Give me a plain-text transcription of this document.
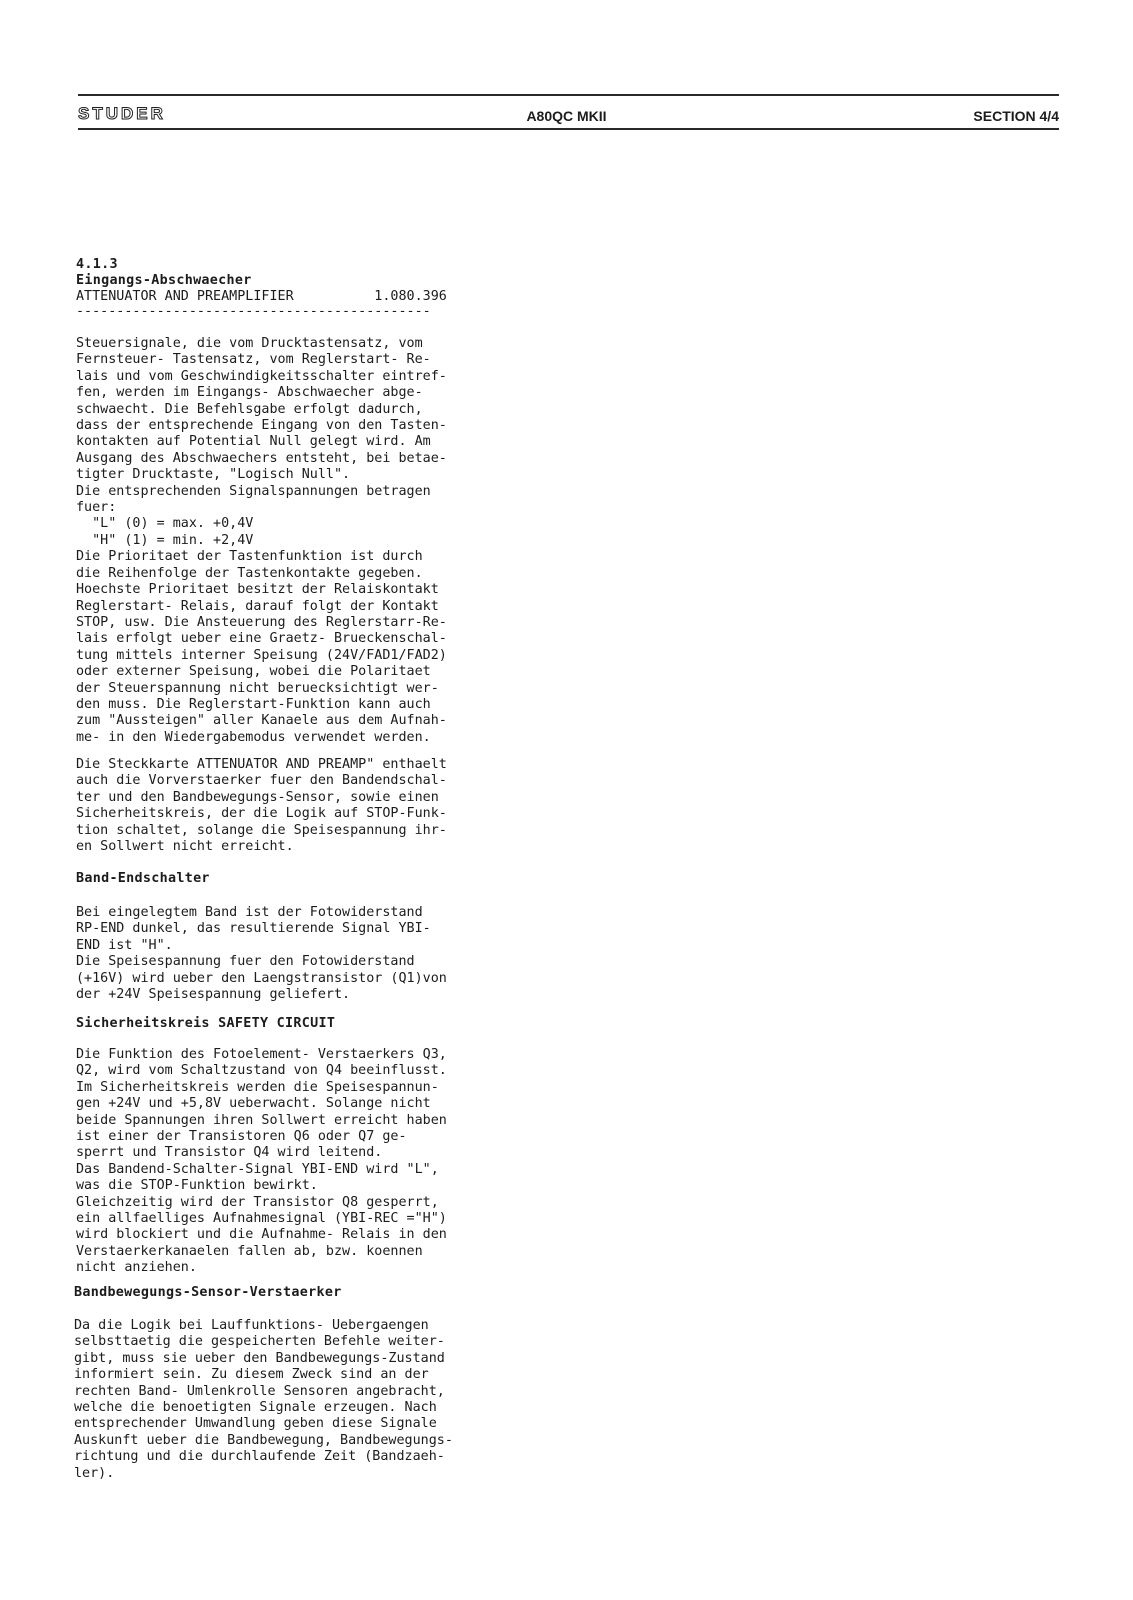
STUDER	A80QC MKII	SECTION 4/4
4.1.3
Eingangs-Abschwaecher
ATTENUATOR AND PREAMPLIFIER	1.080.396
--------------------------------------------

Steuersignale, die vom Drucktastensatz, vom
Fernsteuer- Tastensatz, vom Reglerstart- Re-
lais und vom Geschwindigkeitsschalter eintref-
fen, werden im Eingangs- Abschwaecher abge-
schwaecht. Die Befehlsgabe erfolgt dadurch,
dass der entsprechende Eingang von den Tasten-
kontakten auf Potential Null gelegt wird. Am
Ausgang des Abschwaechers entsteht, bei betae-
tigter Drucktaste, "Logisch Null".
Die entsprechenden Signalspannungen betragen
fuer:
"L" (0) = max. +0,4V
"H" (1) = min. +2,4V
Die Prioritaet der Tastenfunktion ist durch
die Reihenfolge der Tastenkontakte gegeben.
Hoechste Prioritaet besitzt der Relaiskontakt
Reglerstart- Relais, darauf folgt der Kontakt
STOP, usw. Die Ansteuerung des Reglerstarr-Re-
lais erfolgt ueber eine Graetz- Brueckenschal-
tung mittels interner Speisung (24V/FAD1/FAD2)
oder externer Speisung, wobei die Polaritaet
der Steuerspannung nicht beruecksichtigt wer-
den muss. Die Reglerstart-Funktion kann auch
zum "Aussteigen" aller Kanaele aus dem Aufnah-
me- in den Wiedergabemodus verwendet werden.

Die Steckkarte ATTENUATOR AND PREAMP" enthaelt
auch die Vorverstaerker fuer den Bandendschal-
ter und den Bandbewegungs-Sensor, sowie einen
Sicherheitskreis, der die Logik auf STOP-Funk-
tion schaltet, solange die Speisespannung ihr-
en Sollwert nicht erreicht.

Band-Endschalter

Bei eingelegtem Band ist der Fotowiderstand
RP-END dunkel, das resultierende Signal YBI-
END ist "H".
Die Speisespannung fuer den Fotowiderstand
(+16V) wird ueber den Laengstransistor (Q1)von
der +24V Speisespannung geliefert.

Sicherheitskreis SAFETY CIRCUIT

Die Funktion des Fotoelement- Verstaerkers Q3,
Q2, wird vom Schaltzustand von Q4 beeinflusst.
Im Sicherheitskreis werden die Speisespannun-
gen +24V und +5,8V ueberwacht. Solange nicht
beide Spannungen ihren Sollwert erreicht haben
ist einer der Transistoren Q6 oder Q7 ge-
sperrt und Transistor Q4 wird leitend.
Das Bandend-Schalter-Signal YBI-END wird "L",
was die STOP-Funktion bewirkt.
Gleichzeitig wird der Transistor Q8 gesperrt,
ein allfaelliges Aufnahmesignal (YBI-REC ="H")
wird blockiert und die Aufnahme- Relais in den
Verstaerkerkanaelen fallen ab, bzw. koennen
nicht anziehen.

Bandbewegungs-Sensor-Verstaerker

Da die Logik bei Lauffunktions- Uebergaengen
selbsttaetig die gespeicherten Befehle weiter-
gibt, muss sie ueber den Bandbewegungs-Zustand
informiert sein. Zu diesem Zweck sind an der
rechten Band- Umlenkrolle Sensoren angebracht,
welche die benoetigten Signale erzeugen. Nach
entsprechender Umwandlung geben diese Signale
Auskunft ueber die Bandbewegung, Bandbewegungs-
richtung und die durchlaufende Zeit (Bandzaeh-
ler).
